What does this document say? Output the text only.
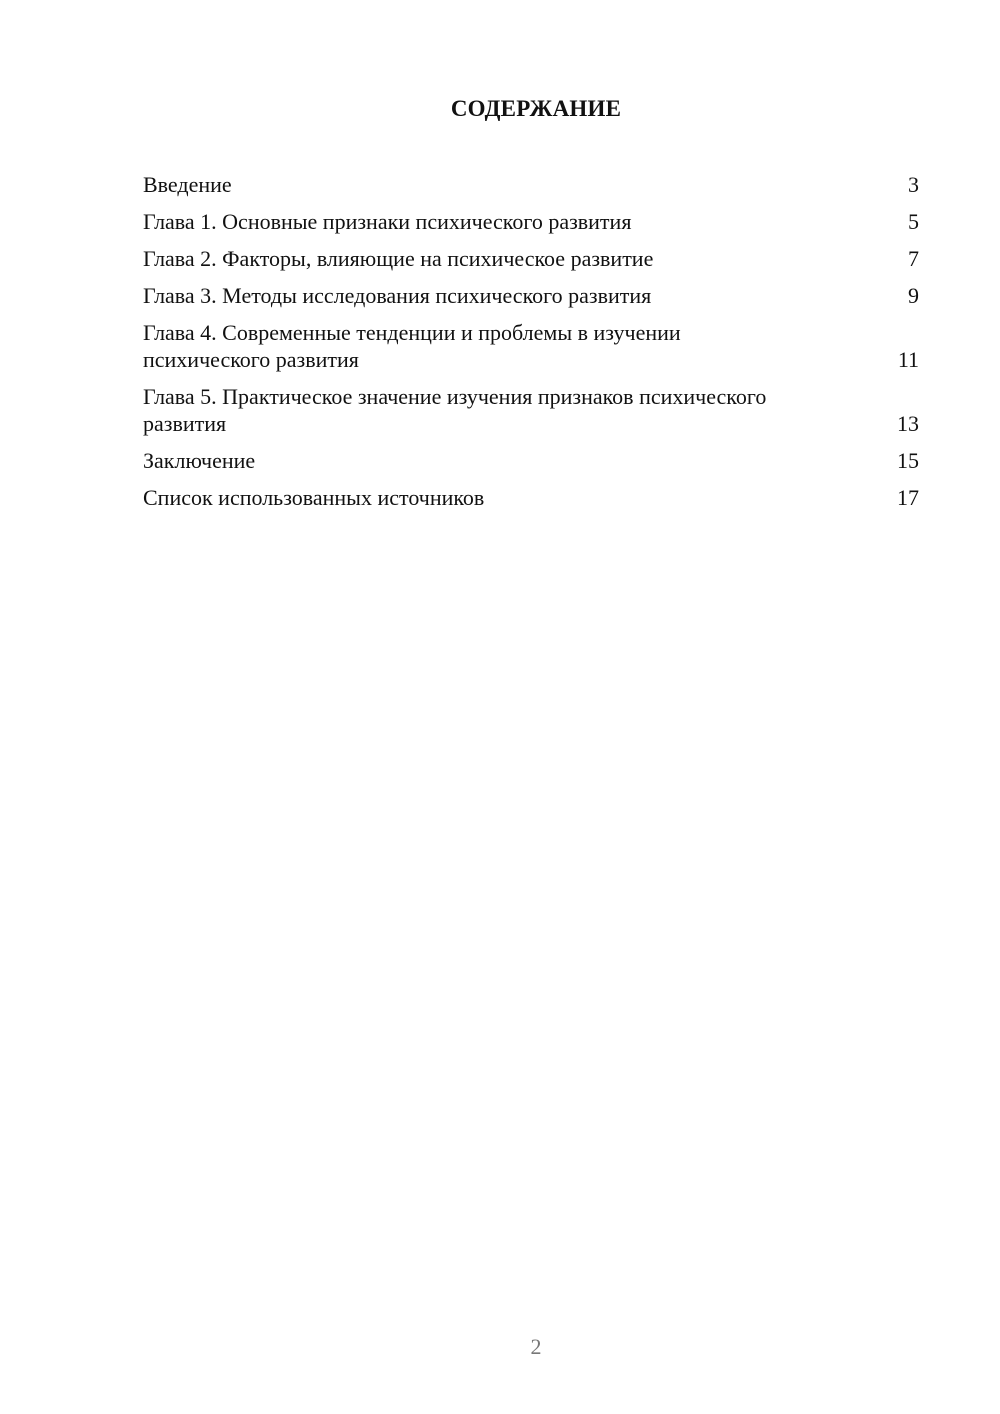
СОДЕРЖАНИЕ
Введение	3
Глава 1. Основные признаки психического развития	5
Глава 2. Факторы, влияющие на психическое развитие	7
Глава 3. Методы исследования психического развития	9
Глава 4. Современные тенденции и проблемы в изучении психического развития	11
Глава 5. Практическое значение изучения признаков психического развития	13
Заключение	15
Список использованных источников	17
2
